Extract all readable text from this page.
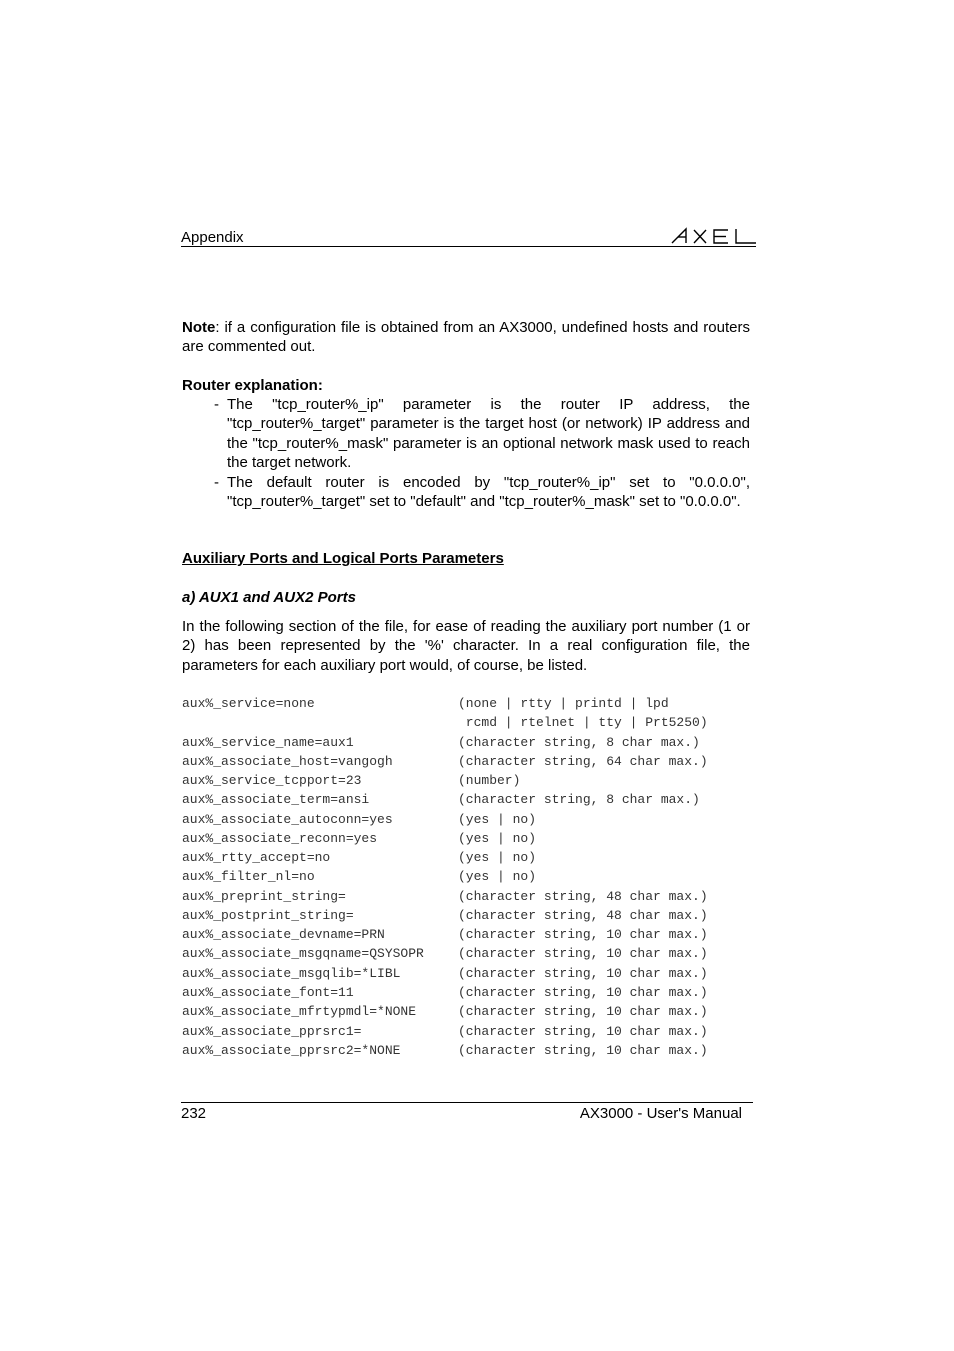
Appendix

Note: if a configuration file is obtained from an AX3000, undefined hosts and routers are commented out.

Router explanation:

- The "tcp_router%_ip" parameter is the router IP address, the "tcp_router%_target" parameter is the target host (or network) IP address and the "tcp_router%_mask" parameter is an optional network mask used to reach the target network.

- The default router is encoded by "tcp_router%_ip" set to "0.0.0.0", "tcp_router%_target" set to "default" and "tcp_router%_mask" set to "0.0.0.0".

Auxiliary Ports and Logical Ports Parameters

a) AUX1 and AUX2 Ports

In the following section of the file, for ease of reading the auxiliary port number (1 or 2) has been represented by the '%' character. In a real configuration file, the parameters for each auxiliary port would, of course, be listed.

aux%_service=none	(none | rtty | printd | lpd
rcmd | rtelnet | tty | Prt5250)
aux%_service_name=aux1	(character string, 8 char max.)
aux%_associate_host=vangogh	(character string, 64 char max.)
aux%_service_tcpport=23	(number)
aux%_associate_term=ansi	(character string, 8 char max.)
aux%_associate_autoconn=yes	(yes | no)
aux%_associate_reconn=yes	(yes | no)
aux%_rtty_accept=no	(yes | no)
aux%_filter_nl=no	(yes | no)
aux%_preprint_string=	(character string, 48 char max.)
aux%_postprint_string=	(character string, 48 char max.)
aux%_associate_devname=PRN	(character string, 10 char max.)
aux%_associate_msgqname=QSYSOPR	(character string, 10 char max.)
aux%_associate_msgqlib=*LIBL	(character string, 10 char max.)
aux%_associate_font=11	(character string, 10 char max.)
aux%_associate_mfrtypmdl=*NONE	(character string, 10 char max.)
aux%_associate_pprsrc1=	(character string, 10 char max.)
aux%_associate_pprsrc2=*NONE	(character string, 10 char max.)
232	AX3000 - User's Manual
